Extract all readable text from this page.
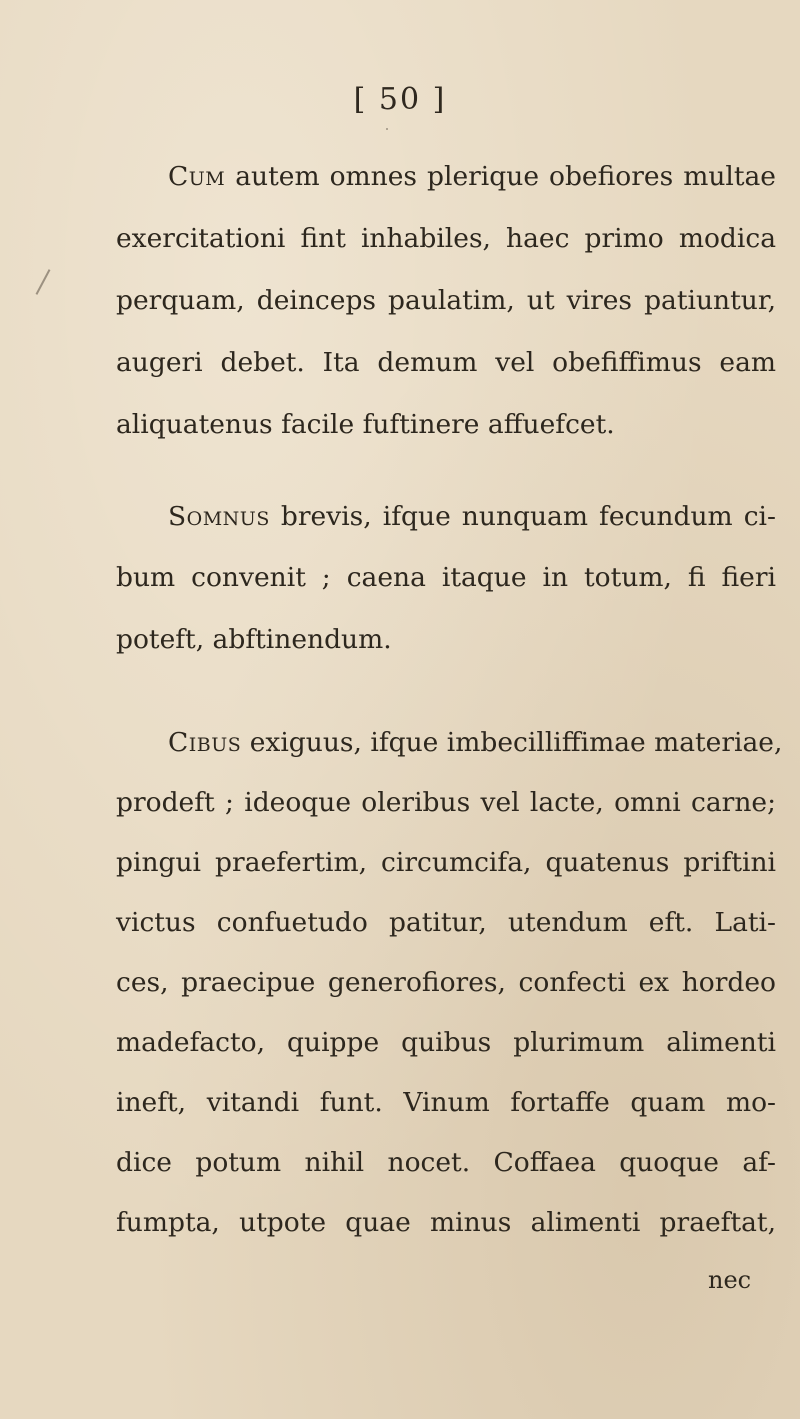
[ 50 ]
Cum autem omnes plerique obefiores multae
exercitationi fint inhabiles, haec primo modica
perquam, deinceps paulatim, ut vires patiuntur,
augeri debet. Ita demum vel obefiffimus eam
aliquatenus facile fuftinere affuefcet.

Somnus brevis, ifque nunquam fecundum ci-
bum convenit ; caena itaque in totum, fi fieri
poteft, abftinendum.
Cibus exiguus, ifque imbecilliffimae materiae,
prodeft ; ideoque oleribus vel lacte, omni carne;
pingui praefertim, circumcifa, quatenus priftini
victus confuetudo patitur, utendum eft. Lati-
ces, praecipue generofiores, confecti ex hordeo
madefacto, quippe quibus plurimum alimenti
ineft, vitandi funt. Vinum fortaffe quam mo-
dice potum nihil nocet. Coffaea quoque af-
fumpta, utpote quae minus alimenti praeftat,
nec
